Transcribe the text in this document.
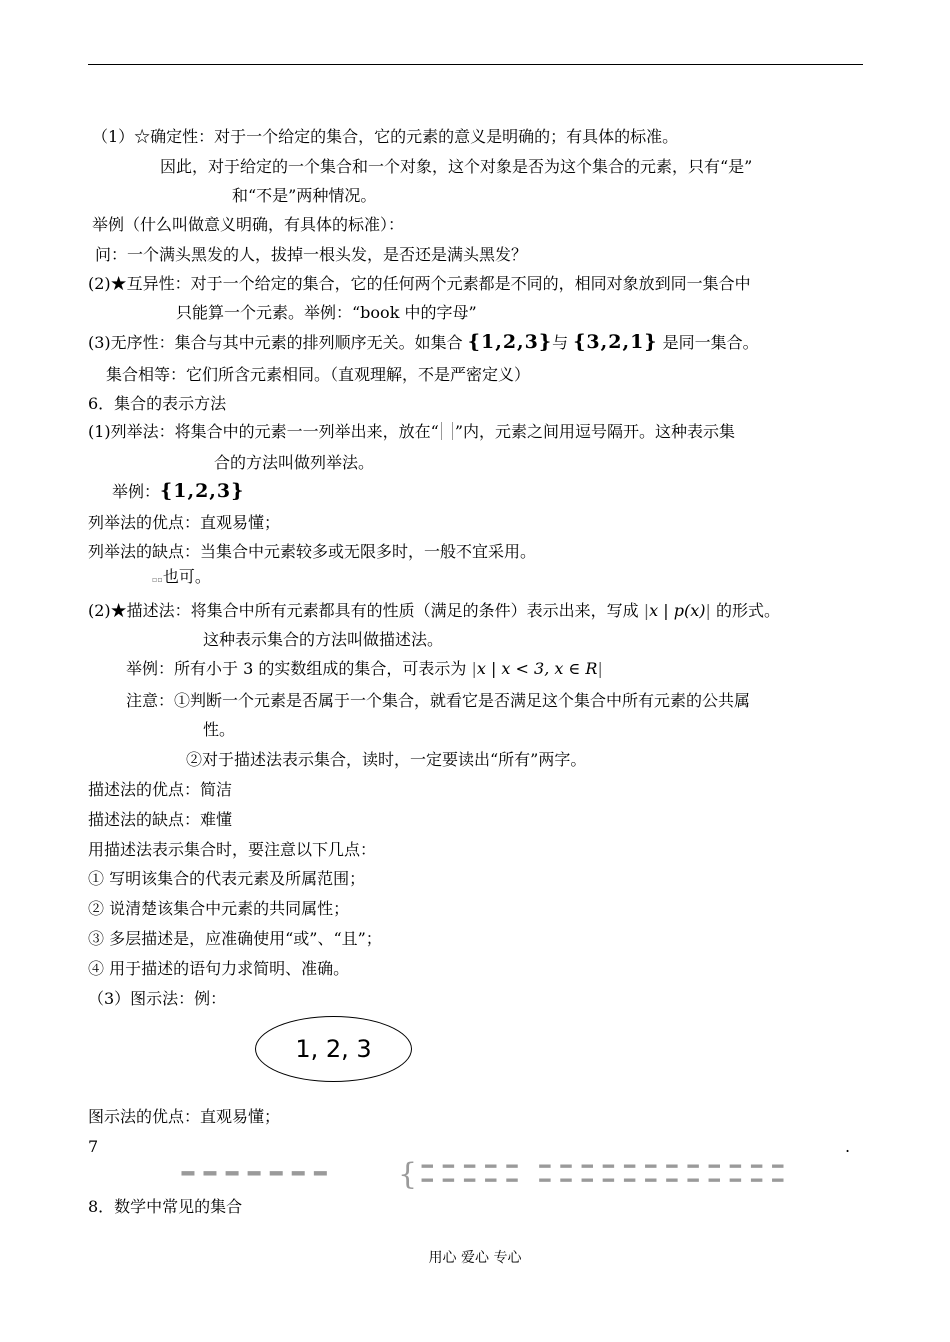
（1）☆确定性：对于一个给定的集合，它的元素的意义是明确的；有具体的标准。
因此，对于给定的一个集合和一个对象，这个对象是否为这个集合的元素，只有“是”
和“不是”两种情况。
举例（什么叫做意义明确，有具体的标准）：
问：一个满头黑发的人，拔掉一根头发，是否还是满头黑发？
(2)★互异性：对于一个给定的集合，它的任何两个元素都是不同的，相同对象放到同一集合中
只能算一个元素。举例：“book 中的字母”
(3)无序性：集合与其中元素的排列顺序无关。如集合 {1,2,3}与 {3,2,1} 是同一集合。
集合相等：它们所含元素相同。（直观理解，不是严密定义）
6．集合的表示方法
(1)列举法：将集合中的元素一一列举出来，放在“ ”内，元素之间用逗号隔开。这种表示集
合的方法叫做列举法。
举例：{1,2,3}
列举法的优点：直观易懂；
列举法的缺点：当集合中元素较多或无限多时，一般不宜采用。
▫▫也可。
(2)★描述法：将集合中所有元素都具有的性质（满足的条件）表示出来，写成 |x | p(x)| 的形式。
这种表示集合的方法叫做描述法。
举例：所有小于 3 的实数组成的集合，可表示为 |x | x < 3, x ∈ R|
注意：①判断一个元素是否属于一个集合，就看它是否满足这个集合中所有元素的公共属
性。
②对于描述法表示集合，读时，一定要读出“所有”两字。
描述法的优点：简洁
描述法的缺点：难懂
用描述法表示集合时，要注意以下几点：
① 写明该集合的代表元素及所属范围；
② 说清楚该集合中元素的共同属性；
③ 多层描述是，应准确使用“或”、“且”；
④ 用于描述的语句力求简明、准确。
（3）图示法：例：
1, 2, 3
图示法的优点：直观易懂；
7	.
▬▬▬▬▬▬▬ { ▬▬▬▬▬ ▬▬▬▬▬▬▬▬▬▬▬▬
▬▬▬▬▬ ▬▬▬▬▬▬▬▬▬▬▬▬
8．数学中常见的集合
用心 爱心 专心
